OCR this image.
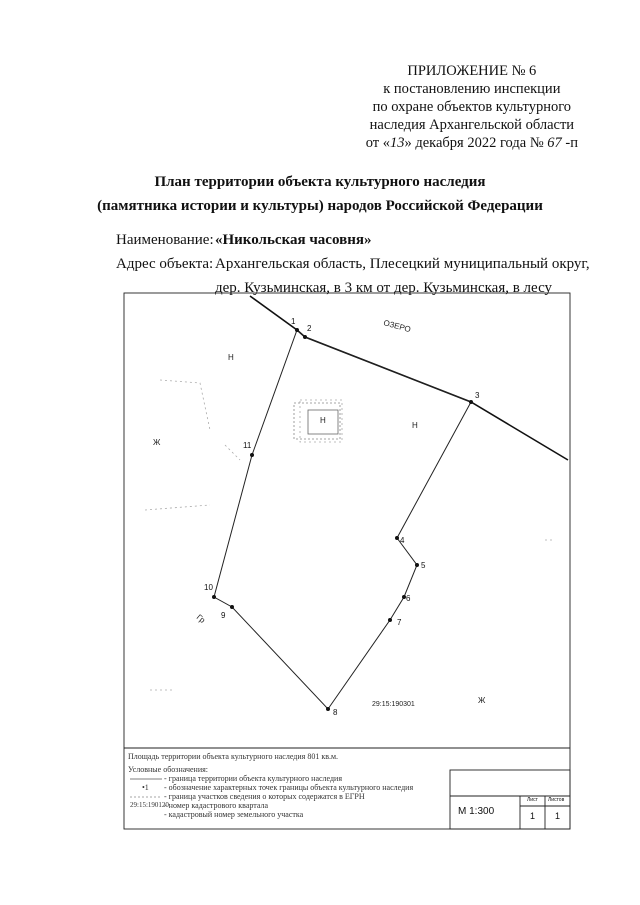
ПРИЛОЖЕНИЕ № 6
к постановлению инспекции
по охране объектов культурного
наследия Архангельской области
от «13» декабря 2022 года № 67 -п
План территории объекта культурного наследия
(памятника истории и культуры) народов Российской Федерации
Наименование: «Никольская часовня»
Адрес объекта: Архангельская область, Плесецкий муниципальный округ,
дер. Кузьминская, в 3 км от дер. Кузьминская, в лесу
1
2
3
4
5
6
7
8
9
10
11
ОЗЕРО
Н
Н
Н
Ж
Ж
Гр
29:15:190301
Площадь территории объекта культурного наследия 801 кв.м.
Условные обозначения:
- граница территории объекта культурного наследия
•1 - обозначение характерных точек границы объекта культурного наследия
- граница участков сведения о которых содержатся в ЕГРН
29:15:190120
- номер кадастрового квартала
- кадастровый номер земельного участка	М 1:300
Лист Листов
1 1
